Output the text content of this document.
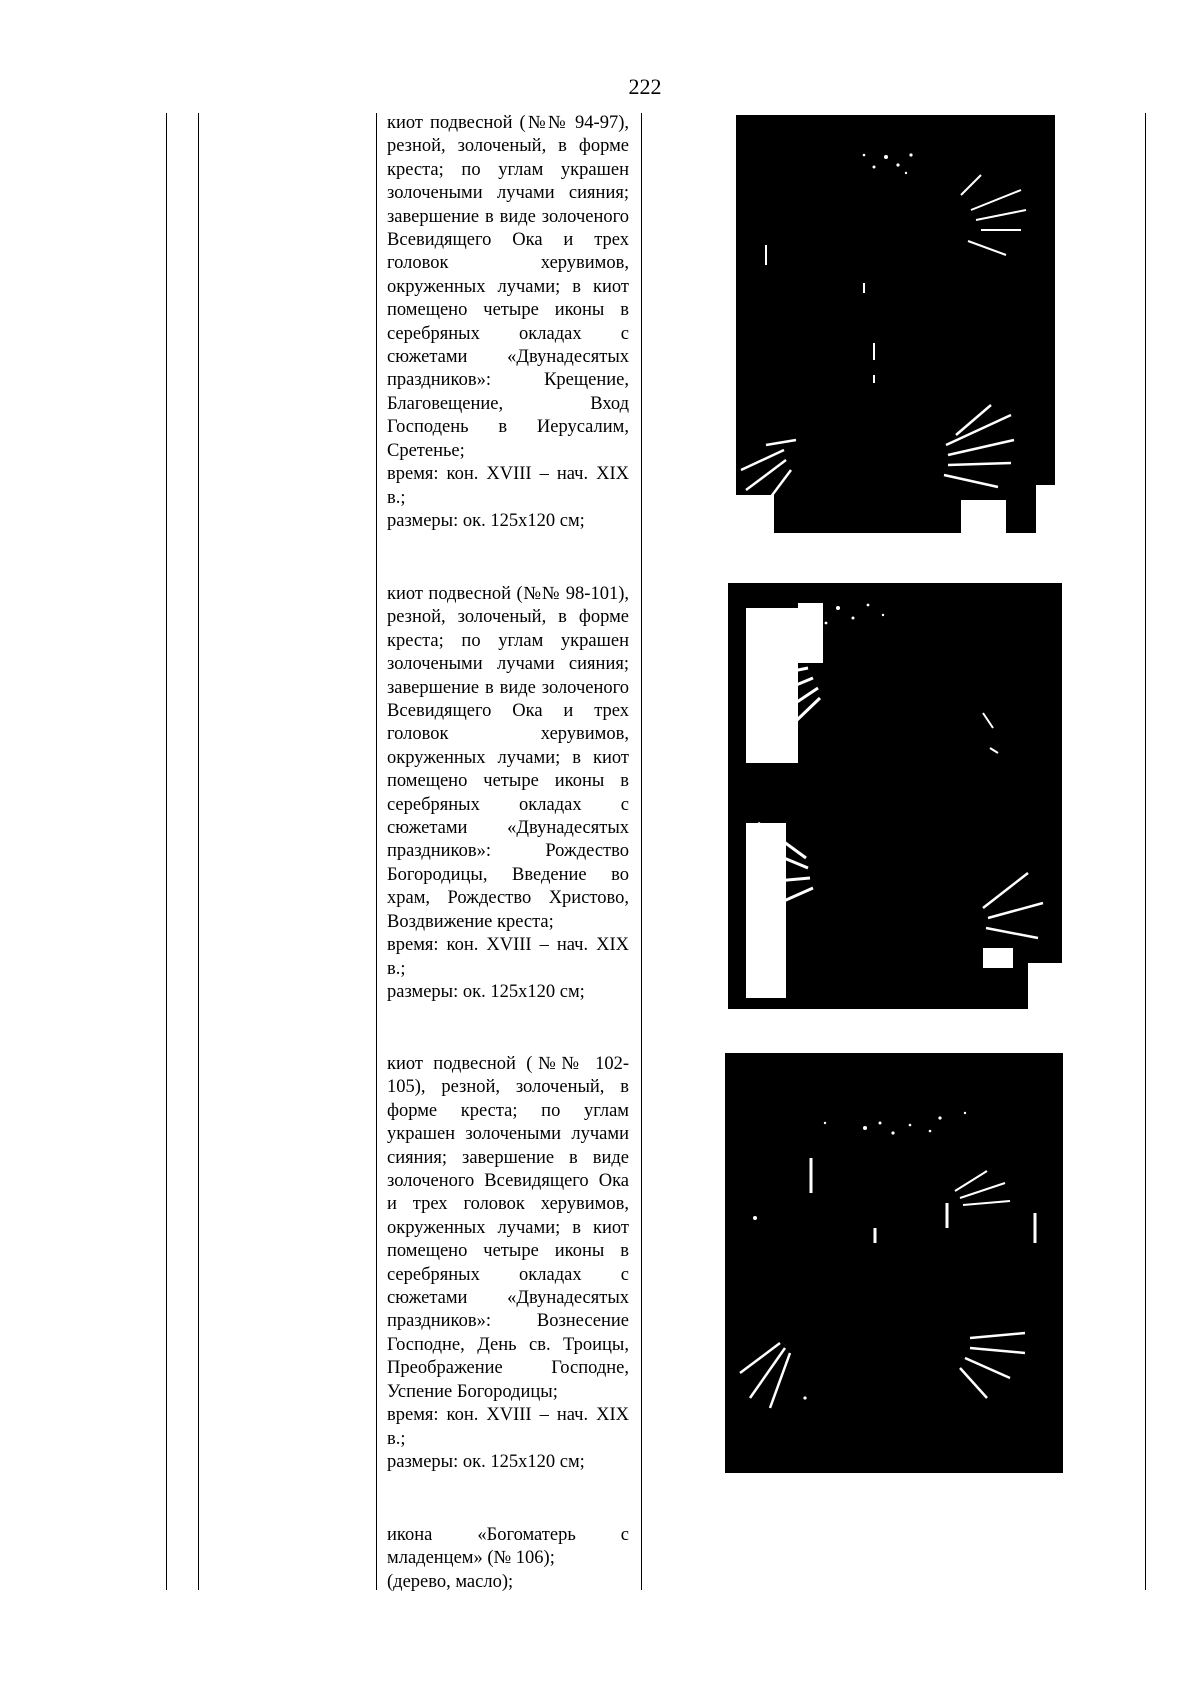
222

киот подвесной (№№ 94-97), резной, золоченый, в форме креста; по углам украшен золочеными лучами сияния; завершение в виде золоченого Всевидящего Ока и трех головок херувимов, окруженных лучами; в киот помещено четыре иконы в серебряных окладах с сюжетами «Двунадесятых праздников»: Крещение, Благовещение, Вход Господень в Иерусалим, Сретенье;

время: кон. XVIII – нач. XIX в.;

размеры: ок. 125х120 см;

киот подвесной (№№ 98-101), резной, золоченый, в форме креста; по углам украшен золочеными лучами сияния; завершение в виде золоченого Всевидящего Ока и трех головок херувимов, окруженных лучами; в киот помещено четыре иконы в серебряных окладах с сюжетами «Двунадесятых праздников»: Рождество Богородицы, Введение во храм, Рождество Христово, Воздвижение креста;

время: кон. XVIII – нач. XIX в.;

размеры: ок. 125х120 см;

киот подвесной (№№ 102-105), резной, золоченый, в форме креста; по углам украшен золочеными лучами сияния; завершение в виде золоченого Всевидящего Ока и трех головок херувимов, окруженных лучами; в киот помещено четыре иконы в серебряных окладах с сюжетами «Двунадесятых праздников»: Вознесение Господне, День св. Троицы, Преображение Господне, Успение Богородицы;

время: кон. XVIII – нач. XIX в.;

размеры: ок. 125х120 см;

икона «Богоматерь с младенцем» (№ 106);

(дерево, масло);
